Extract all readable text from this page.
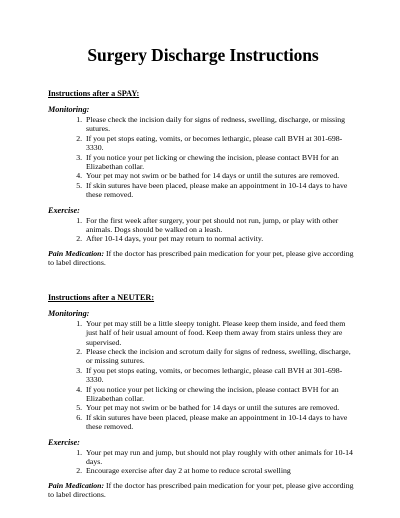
Surgery Discharge Instructions
Instructions after a SPAY:
Monitoring:
1. Please check the incision daily for signs of redness, swelling, discharge, or missing sutures.
2. If you pet stops eating, vomits, or becomes lethargic, please call BVH at 301-698-3330.
3. If you notice your pet licking or chewing the incision, please contact BVH for an Elizabethan collar.
4. Your pet may not swim or be bathed for 14 days or until the sutures are removed.
5. If skin sutures have been placed, please make an appointment in 10-14 days to have these removed.
Exercise:
1. For the first week after surgery, your pet should not run, jump, or play with other animals. Dogs should be walked on a leash.
2. After 10-14 days, your pet may return to normal activity.
Pain Medication: If the doctor has prescribed pain medication for your pet, please give according to label directions.
Instructions after a NEUTER:
Monitoring:
1. Your pet may still be a little sleepy tonight. Please keep them inside, and feed them just half of heir usual amount of food. Keep them away from stairs unless they are supervised.
2. Please check the incision and scrotum daily for signs of redness, swelling, discharge, or missing sutures.
3. If you pet stops eating, vomits, or becomes lethargic, please call BVH at 301-698-3330.
4. If you notice your pet licking or chewing the incision, please contact BVH for an Elizabethan collar.
5. Your pet may not swim or be bathed for 14 days or until the sutures are removed.
6. If skin sutures have been placed, please make an appointment in 10-14 days to have these removed.
Exercise:
1. Your pet may run and jump, but should not play roughly with other animals for 10-14 days.
2. Encourage exercise after day 2 at home to reduce scrotal swelling
Pain Medication: If the doctor has prescribed pain medication for your pet, please give according to label directions.
